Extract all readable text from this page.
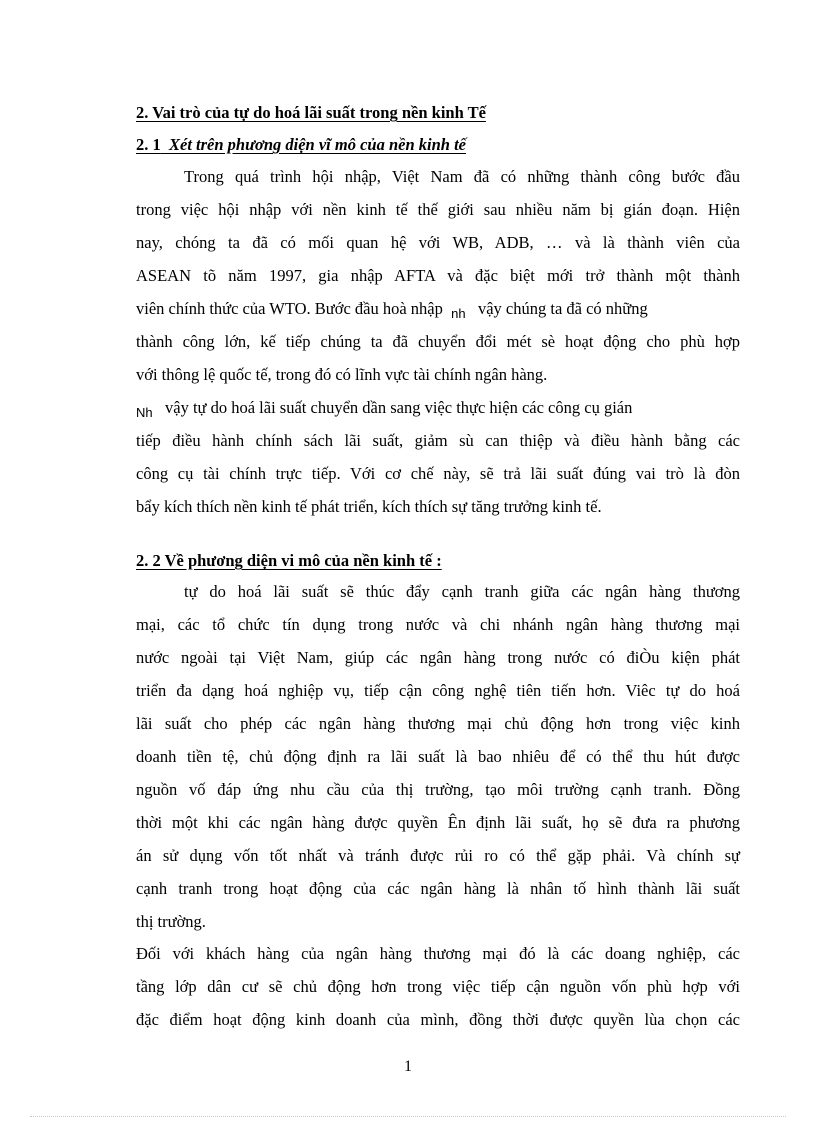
2. Vai trò của tự do hoá lãi suất trong nền kinh Tế
2. 1 Xét trên phương diện vĩ mô của nền kinh tế
Trong quá trình hội nhập, Việt Nam đã có những thành công bước đầu
trong việc hội nhập với nền kinh tế thế giới sau nhiều năm bị gián đoạn. Hiện
nay, chóng ta đã có mối quan hệ với WB, ADB, … và là thành viên của
ASEAN tõ năm 1997, gia nhập AFTA và đặc biệt mới trở thành một thành
viên chính thức của WTO. Bước đầu hoà nhập $_{nh}$ vậy chúng ta đã có những
thành công lớn, kế tiếp chúng ta đã chuyển đổi mét sè hoạt động cho phù hợp
với thông lệ quốc tế, trong đó có lĩnh vực tài chính ngân hàng.
$_{Nh}$ vậy tự do hoá lãi suất chuyển dần sang việc thực hiện các công cụ gián
tiếp điều hành chính sách lãi suất, giảm sù can thiệp và điều hành bằng các
công cụ tài chính trực tiếp. Với cơ chế này, sẽ trả lãi suất đúng vai trò là đòn
bẩy kích thích nền kinh tế phát triển, kích thích sự tăng trưởng kinh tế.
2. 2 Về phương diện vi mô của nền kinh tế :
tự do hoá lãi suất sẽ thúc đẩy cạnh tranh giữa các ngân hàng thương
mại, các tổ chức tín dụng trong nước và chi nhánh ngân hàng thương mại
nước ngoài tại Việt Nam, giúp các ngân hàng trong nước có điÒu kiện phát
triển đa dạng hoá nghiệp vụ, tiếp cận công nghệ tiên tiến hơn. Viêc tự do hoá
lãi suất cho phép các ngân hàng thương mại chủ động hơn trong việc kinh
doanh tiền tệ, chủ động định ra lãi suất là bao nhiêu để có thể thu hút được
nguồn vố đáp ứng nhu cầu của thị trường, tạo môi trường cạnh tranh. Đồng
thời một khi các ngân hàng được quyền Ên định lãi suất, họ sẽ đưa ra phương
án sử dụng vốn tốt nhất và tránh được rủi ro có thể gặp phải. Và chính sự
cạnh tranh trong hoạt động của các ngân hàng là nhân tố hình thành lãi suất
thị trường.
Đối với khách hàng của ngân hàng thương mại đó là các doang nghiệp, các
tầng lớp dân cư sẽ chủ động hơn trong việc tiếp cận nguồn vốn phù hợp với
đặc điểm hoạt động kinh doanh của mình, đồng thời được quyền lùa chọn các
1
